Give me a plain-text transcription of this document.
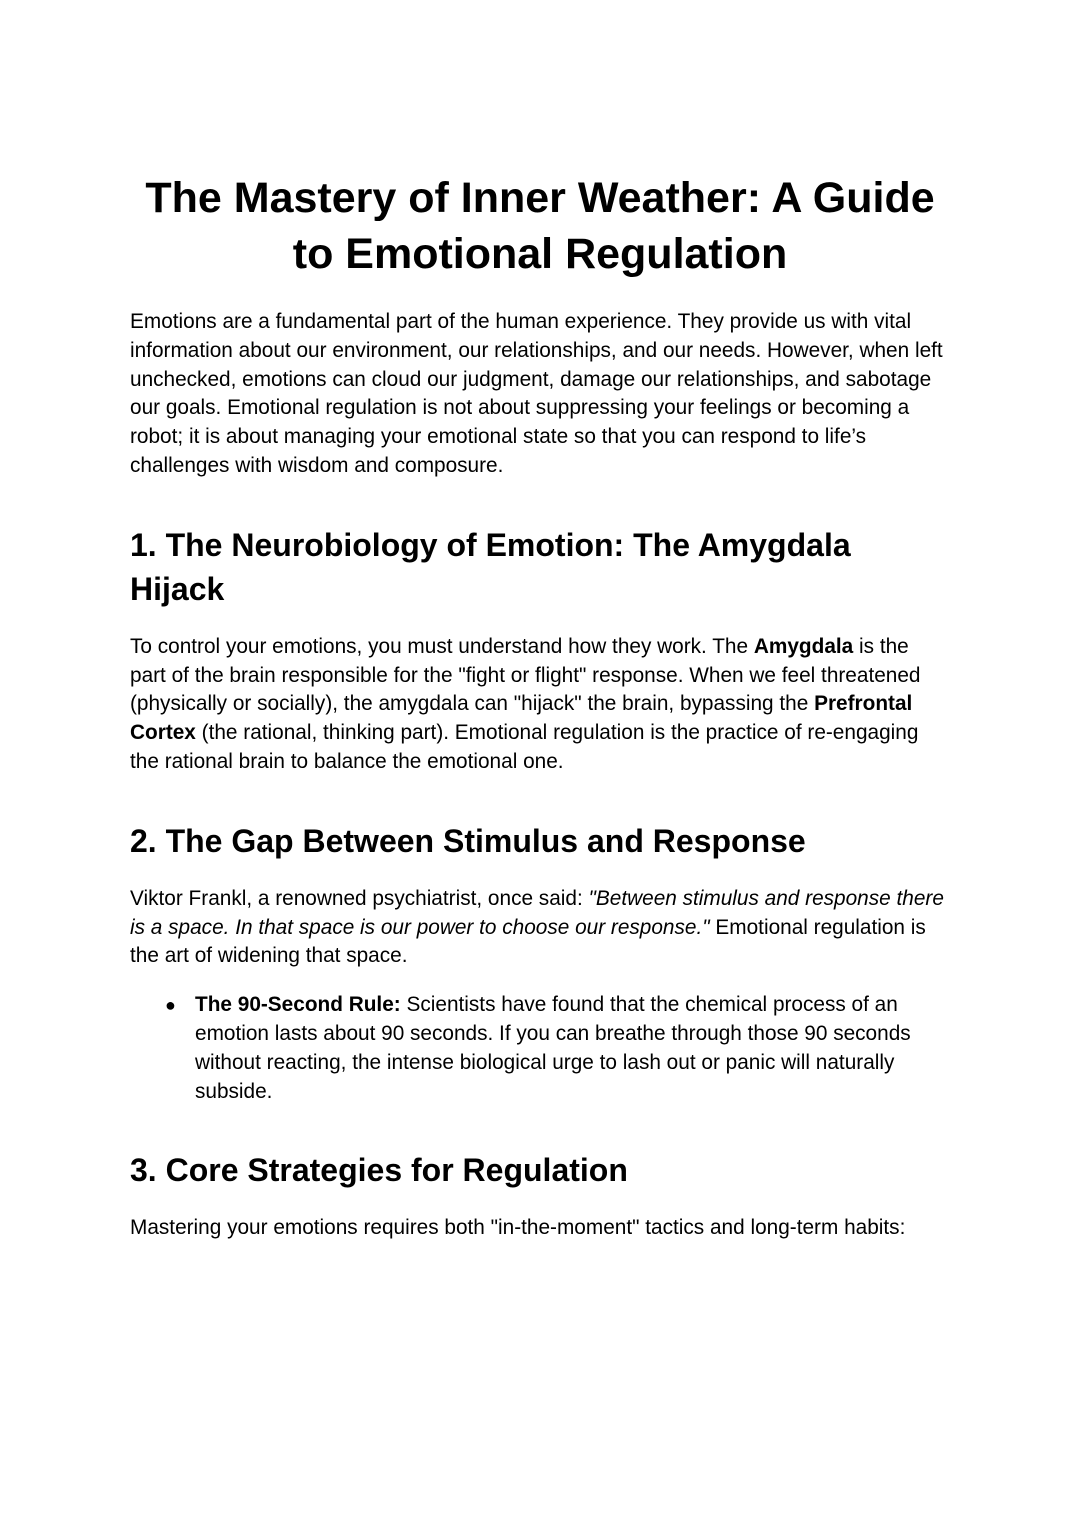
The Mastery of Inner Weather: A Guide to Emotional Regulation

Emotions are a fundamental part of the human experience. They provide us with vital information about our environment, our relationships, and our needs. However, when left unchecked, emotions can cloud our judgment, damage our relationships, and sabotage our goals. Emotional regulation is not about suppressing your feelings or becoming a robot; it is about managing your emotional state so that you can respond to life’s challenges with wisdom and composure.

1. The Neurobiology of Emotion: The Amygdala Hijack

To control your emotions, you must understand how they work. The Amygdala is the part of the brain responsible for the "fight or flight" response. When we feel threatened (physically or socially), the amygdala can "hijack" the brain, bypassing the Prefrontal Cortex (the rational, thinking part). Emotional regulation is the practice of re-engaging the rational brain to balance the emotional one.

2. The Gap Between Stimulus and Response

Viktor Frankl, a renowned psychiatrist, once said: "Between stimulus and response there is a space. In that space is our power to choose our response." Emotional regulation is the art of widening that space.

● The 90-Second Rule: Scientists have found that the chemical process of an emotion lasts about 90 seconds. If you can breathe through those 90 seconds without reacting, the intense biological urge to lash out or panic will naturally subside.
3. Core Strategies for Regulation

Mastering your emotions requires both "in-the-moment" tactics and long-term habits:
